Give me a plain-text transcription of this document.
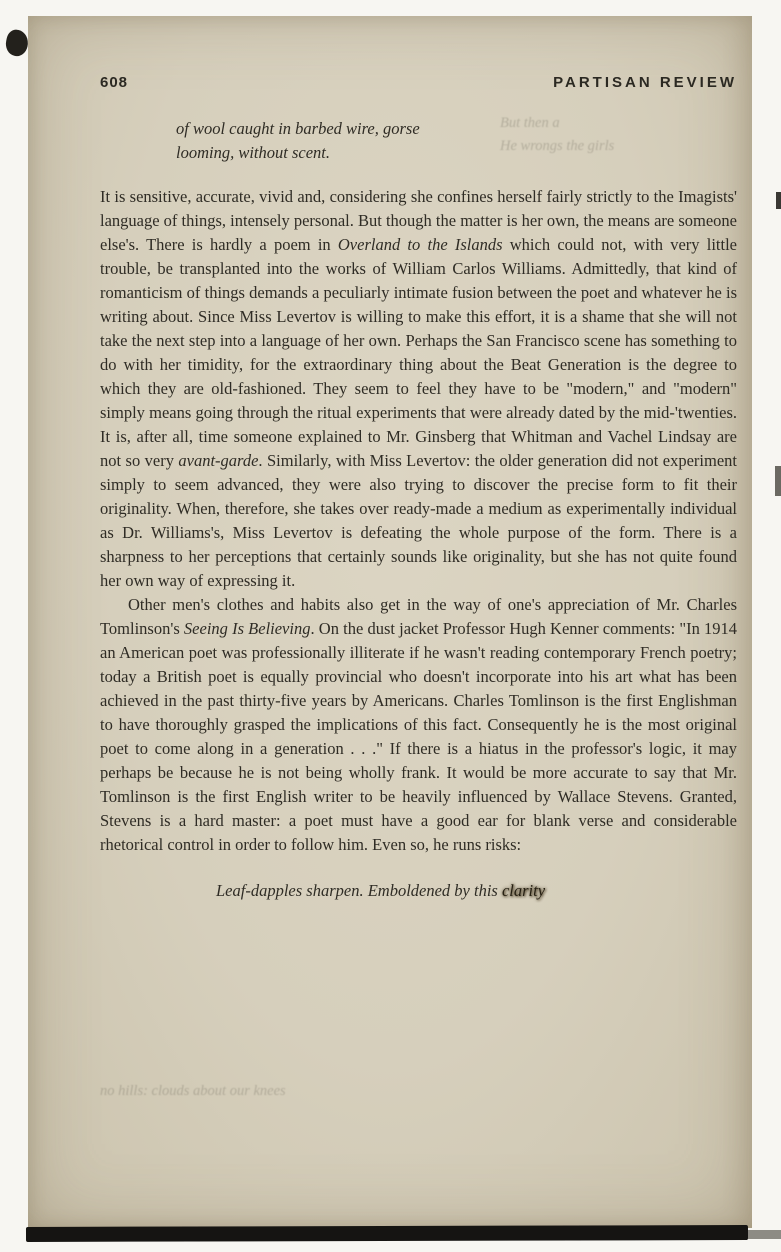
But then a
He wrongs the girls
no hills: clouds about our knees
608	PARTISAN REVIEW
of wool caught in barbed wire, gorse
looming, without scent.

It is sensitive, accurate, vivid and, considering she confines herself fairly strictly to the Imagists' language of things, intensely personal. But though the matter is her own, the means are someone else's. There is hardly a poem in Overland to the Islands which could not, with very little trouble, be transplanted into the works of William Carlos Williams. Admittedly, that kind of romanticism of things demands a peculiarly intimate fusion between the poet and whatever he is writing about. Since Miss Levertov is willing to make this effort, it is a shame that she will not take the next step into a language of her own. Perhaps the San Francisco scene has something to do with her timidity, for the extraordinary thing about the Beat Generation is the degree to which they are old-fashioned. They seem to feel they have to be "modern," and "modern" simply means going through the ritual experiments that were already dated by the mid-'twenties. It is, after all, time someone explained to Mr. Ginsberg that Whitman and Vachel Lindsay are not so very avant-garde. Similarly, with Miss Levertov: the older generation did not experiment simply to seem advanced, they were also trying to discover the precise form to fit their originality. When, therefore, she takes over ready-made a medium as experimentally individual as Dr. Williams's, Miss Levertov is defeating the whole purpose of the form. There is a sharpness to her perceptions that certainly sounds like originality, but she has not quite found her own way of expressing it.

Other men's clothes and habits also get in the way of one's appreciation of Mr. Charles Tomlinson's Seeing Is Believing. On the dust jacket Professor Hugh Kenner comments: "In 1914 an American poet was professionally illiterate if he wasn't reading contemporary French poetry; today a British poet is equally provincial who doesn't incorporate into his art what has been achieved in the past thirty-five years by Americans. Charles Tomlinson is the first Englishman to have thoroughly grasped the implications of this fact. Consequently he is the most original poet to come along in a generation . . ." If there is a hiatus in the professor's logic, it may perhaps be because he is not being wholly frank. It would be more accurate to say that Mr. Tomlinson is the first English writer to be heavily influenced by Wallace Stevens. Granted, Stevens is a hard master: a poet must have a good ear for blank verse and considerable rhetorical control in order to follow him. Even so, he runs risks:

Leaf-dapples sharpen. Emboldened by this clarity
